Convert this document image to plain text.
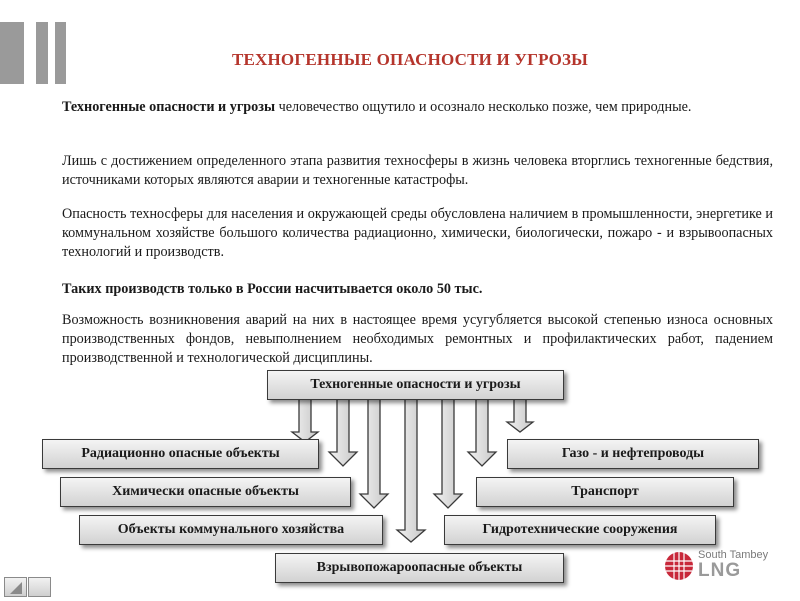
ТЕХНОГЕННЫЕ ОПАСНОСТИ И УГРОЗЫ

Техногенные опасности и угрозы человечество ощутило и осознало несколько позже, чем природные.

Лишь с достижением определенного этапа развития техносферы в жизнь человека вторглись техногенные бедствия, источниками которых являются аварии и техногенные катастрофы.

Опасность техносферы для населения и окружающей среды обусловлена наличием в промышленности, энергетике и коммунальном хозяйстве большого количества радиационно, химически, биологически, пожаро - и взрывоопасных технологий и производств.

Таких производств только в России насчитывается около 50 тыс.

Возможность возникновения аварий на них в настоящее время усугубляется высокой степенью износа основных производственных фондов, невыполнением необходимых ремонтных и профилактических работ, падением производственной и технологической дисциплины.

Техногенные опасности и угрозы
Радиационно опасные объекты
Химически опасные объекты
Объекты коммунального хозяйства
Газо - и нефтепроводы
Транспорт
Гидротехнические сооружения
Взрывопожароопасные объекты
South Tambey
LNG
